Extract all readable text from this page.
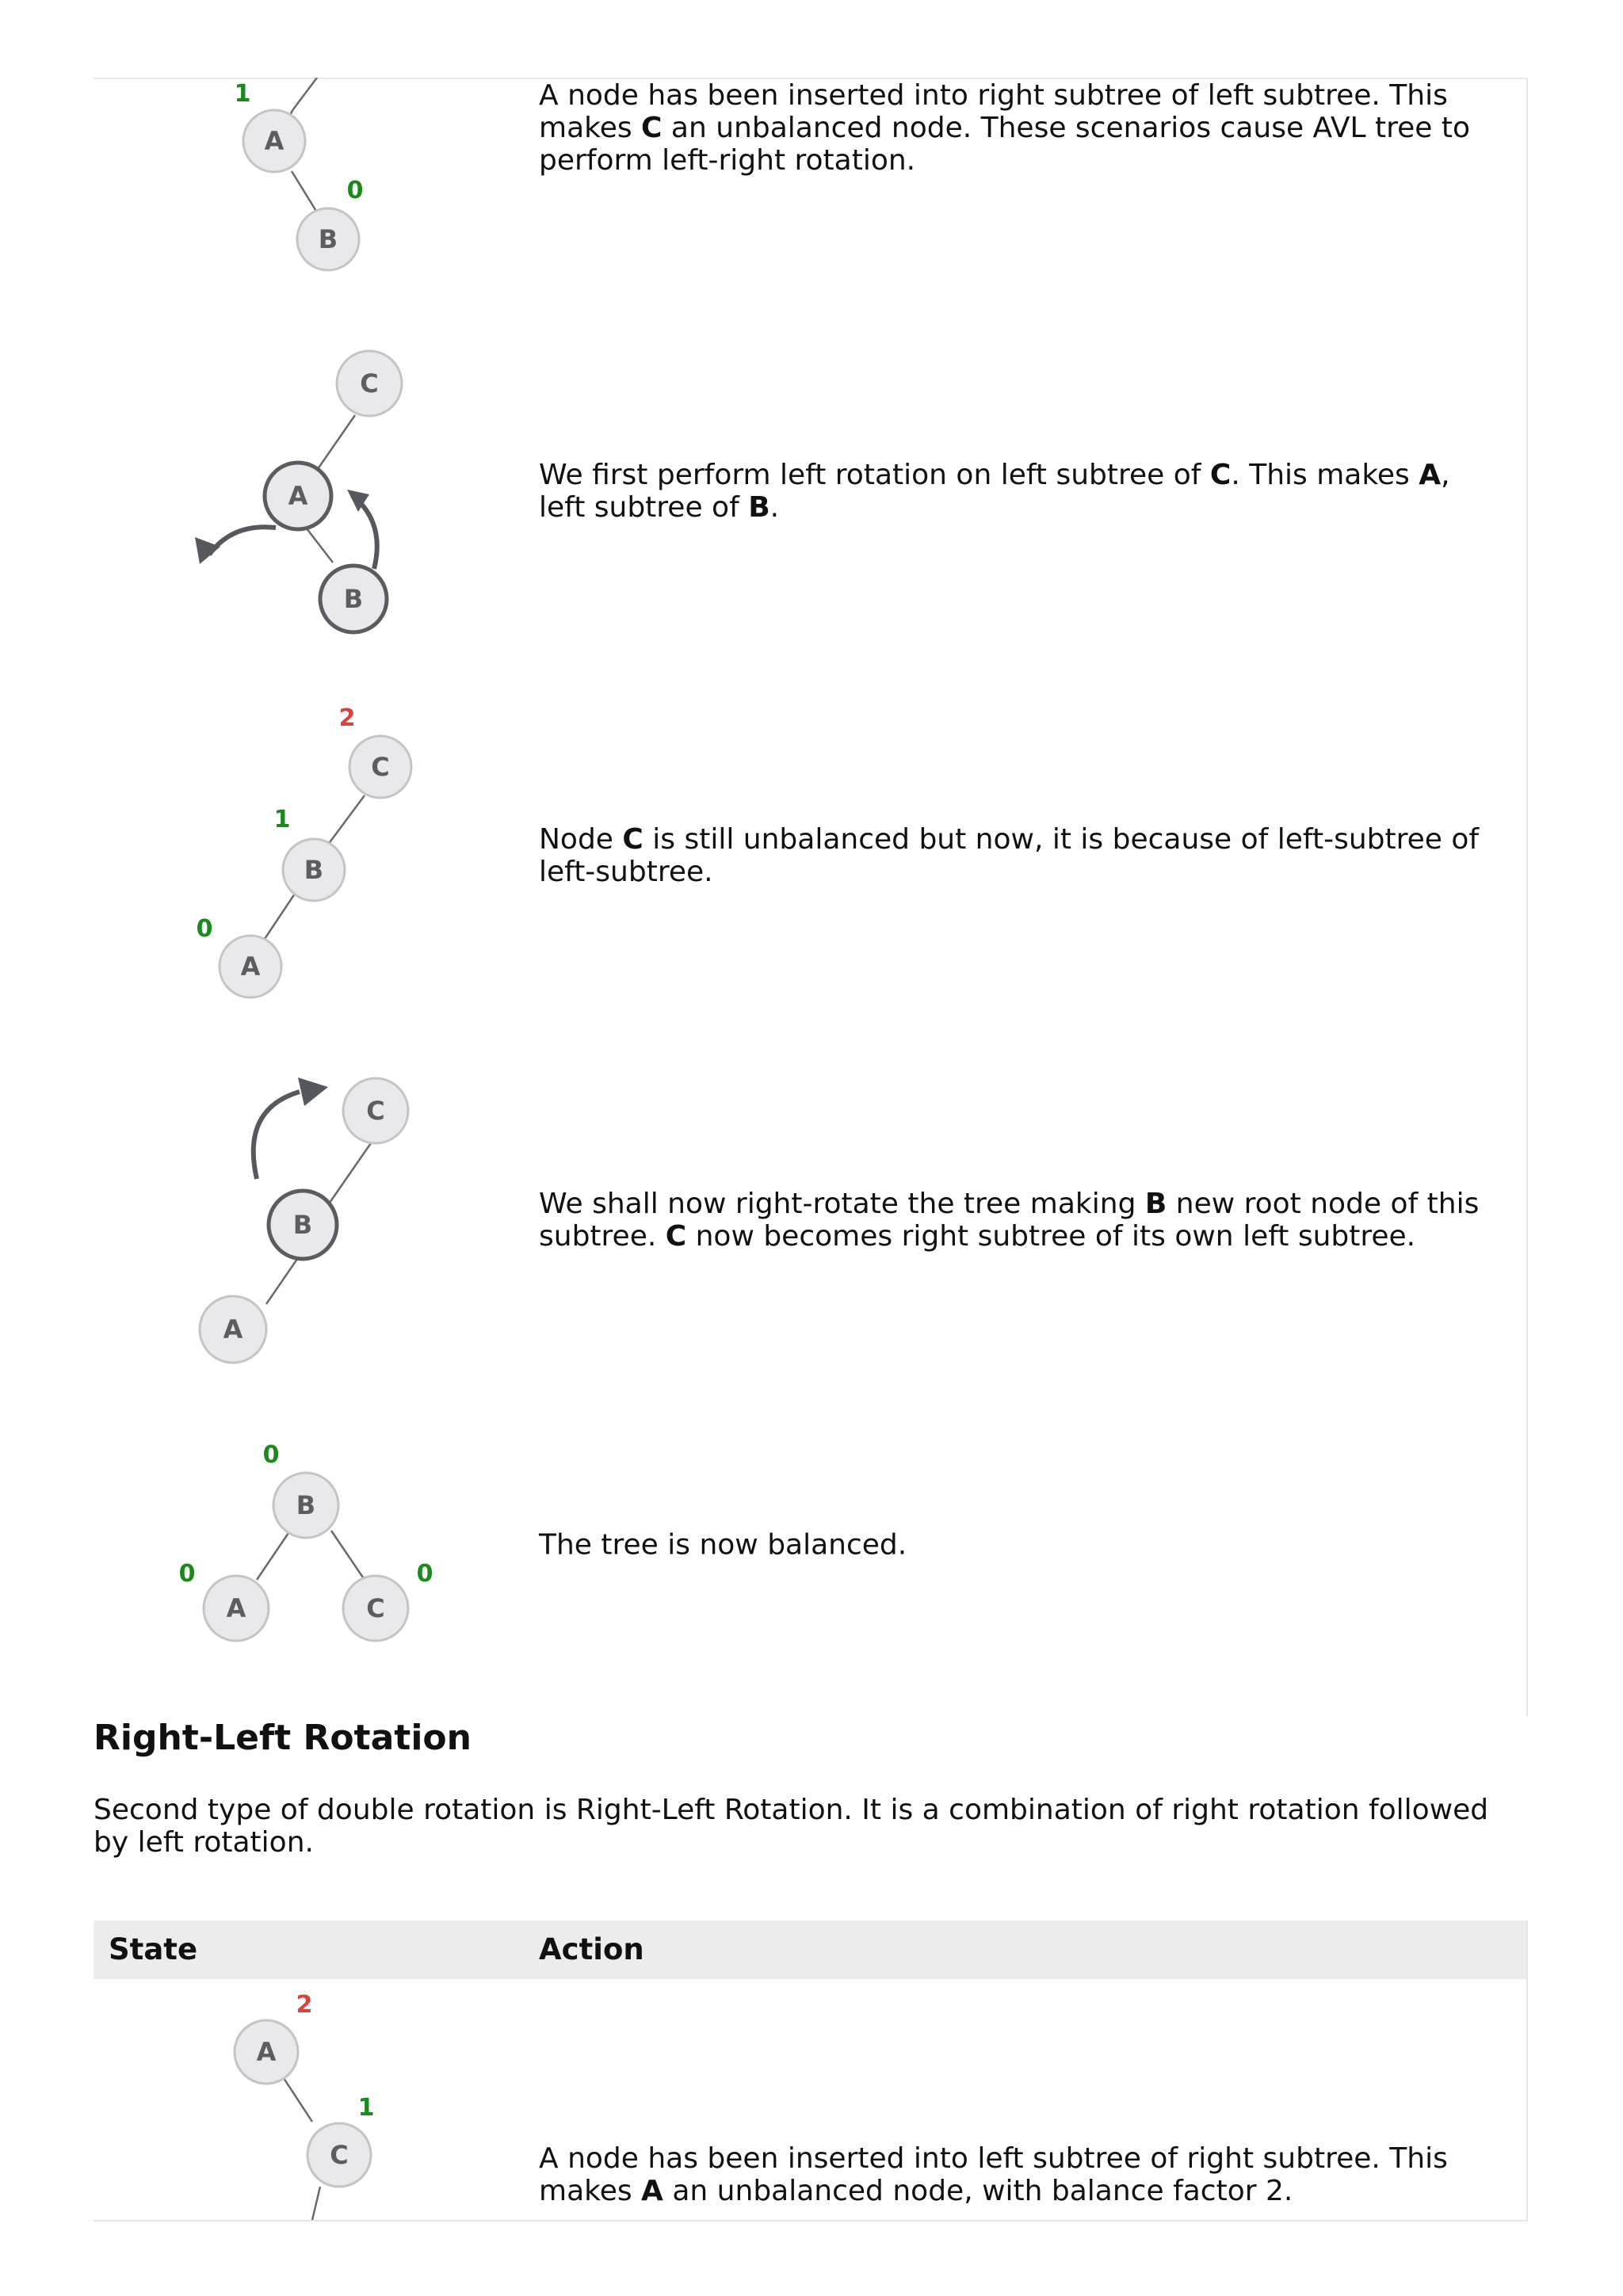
A
B
1
0
A node has been inserted into right subtree of left subtree. This makes C an unbalanced node. These scenarios cause AVL tree to perform left-right rotation.
C
A
B
We first perform left rotation on left subtree of C. This makes A, left subtree of B.
C
B
A
2
1
0
Node C is still unbalanced but now, it is because of left-subtree of left-subtree.
C
B
A
We shall now right-rotate the tree making B new root node of this subtree. C now becomes right subtree of its own left subtree.
B
A	C
0
0	0
The tree is now balanced.
Right-Left Rotation

Second type of double rotation is Right-Left Rotation. It is a combination of right rotation followed by left rotation.

State	Action
A
C
2
1
A node has been inserted into left subtree of right subtree. This makes A an unbalanced node, with balance factor 2.
